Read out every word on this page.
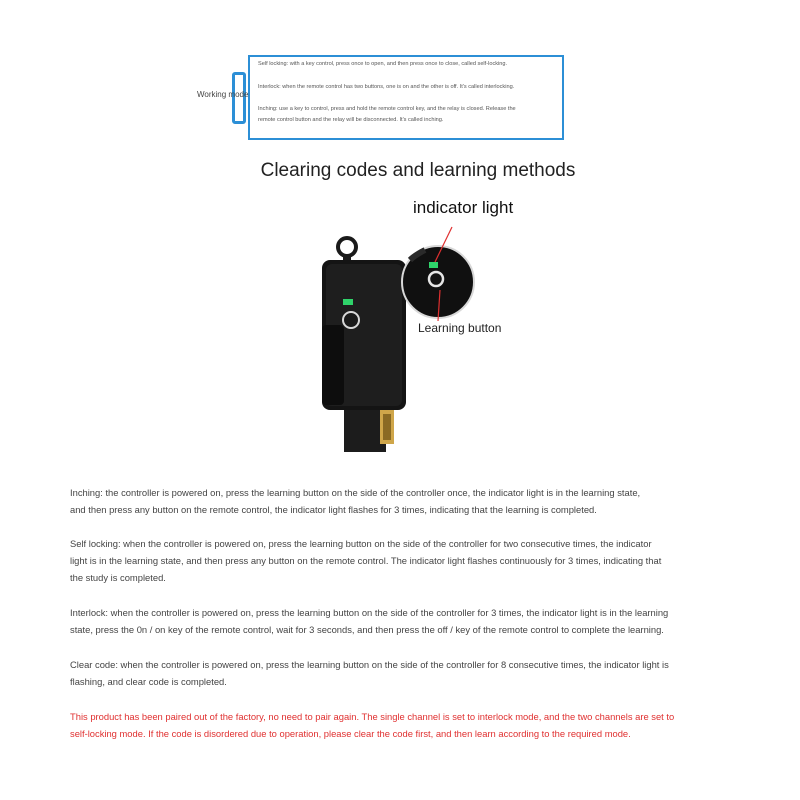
Working mode
Self locking: with a key control, press once to open, and then press once to close, called self-locking.
Interlock: when the remote control has two buttons, one is on and the other is off. It's called interlocking.
Inching: use a key to control, press and hold the remote control key, and the relay is closed. Release the
remote control button and the relay will be disconnected. It's called inching.
Clearing codes and learning methods
indicator light
Learning button
Inching: the controller is powered on, press the learning button on the side of the controller once, the indicator light is in the learning state,
and then press any button on the remote control, the indicator light flashes for 3 times, indicating that the learning is completed.
Self locking: when the controller is powered on, press the learning button on the side of the controller for two consecutive times, the indicator
light is in the learning state, and then press any button on the remote control. The indicator light flashes continuously for 3 times, indicating that
the study is completed.
Interlock: when the controller is powered on, press the learning button on the side of the controller for 3 times, the indicator light is in the learning
state, press the 0n / on key of the remote control, wait for 3 seconds, and then press the off / key of the remote control to complete the learning.
Clear code: when the controller is powered on, press the learning button on the side of the controller for 8 consecutive times, the indicator light is
flashing, and clear code is completed.
This product has been paired out of the factory, no need to pair again. The single channel is set to interlock mode, and the two channels are set to
self-locking mode. If the code is disordered due to operation, please clear the code first, and then learn according to the required mode.
